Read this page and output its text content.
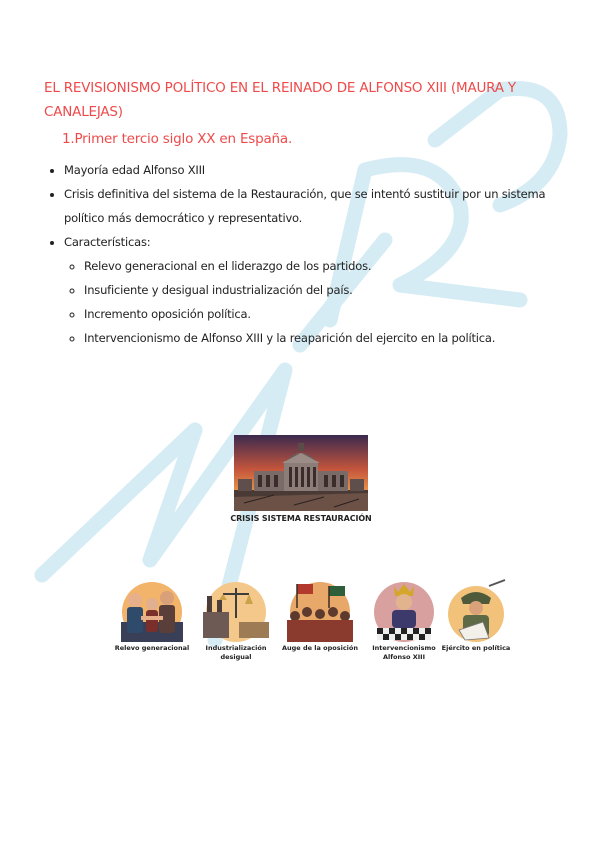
EL REVISIONISMO POLÍTICO EN EL REINADO DE ALFONSO XIII (MAURA Y CANALEJAS)
1.Primer tercio siglo XX en España.
• Mayoría edad Alfonso XIII
• Crisis definitiva del sistema de la Restauración, que se intentó sustituir por un sistema político más democrático y representativo.
• Características:
◦ Relevo generacional en el liderazgo de los partidos.
◦ Insuficiente y desigual industrialización del país.
◦ Incremento oposición política.
◦ Intervencionismo de Alfonso XIII y la reaparición del ejercito en la política.
CRISIS SISTEMA RESTAURACIÓN
Relevo generacional	Industrialización desigual
Auge de la oposición	Intervencionismo Alfonso XIII
Ejército en política
